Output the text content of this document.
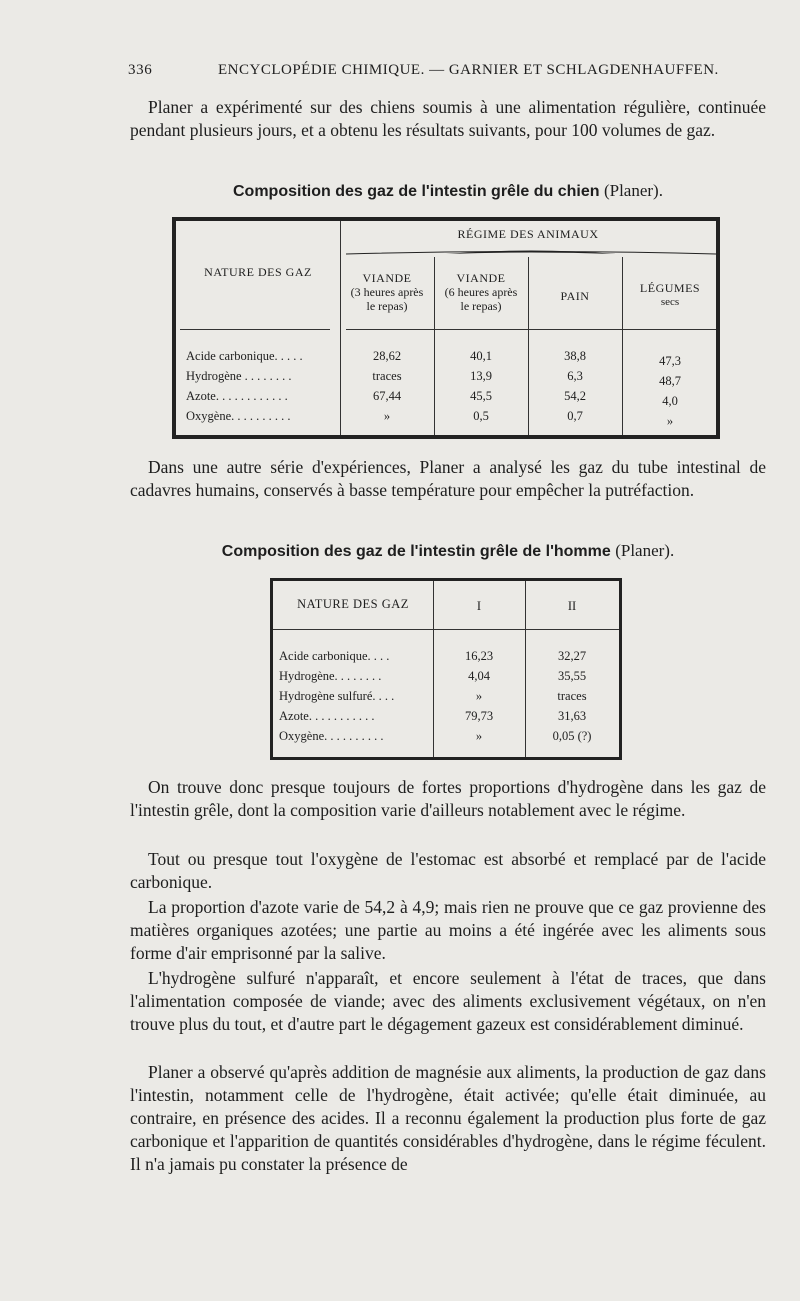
336	ENCYCLOPÉDIE CHIMIQUE. — GARNIER ET SCHLAGDENHAUFFEN.

Planer a expérimenté sur des chiens soumis à une alimentation régulière, continuée pendant plusieurs jours, et a obtenu les résultats suivants, pour 100 volumes de gaz.

Composition des gaz de l'intestin grêle du chien (Planer).
NATURE DES GAZ
RÉGIME DES ANIMAUX
VIANDE
(3 heures après
le repas)
VIANDE
(6 heures après
le repas)
PAIN
LÉGUMES
secs
Acide carbonique. . . . .	28,62	40,1	38,8	47,3
Hydrogène . . . . . . . .	traces	13,9	6,3	48,7
Azote. . . . . . . . . . . .	67,44	45,5	54,2	4,0
Oxygène. . . . . . . . . .	»	0,5	0,7	»

Dans une autre série d'expériences, Planer a analysé les gaz du tube intestinal de cadavres humains, conservés à basse température pour empêcher la putréfaction.

Composition des gaz de l'intestin grêle de l'homme (Planer).
NATURE DES GAZ	I	II
Acide carbonique. . . .	16,23	32,27
Hydrogène. . . . . . . .	4,04	35,55
Hydrogène sulfuré. . . .	»	traces
Azote. . . . . . . . . . .	79,73	31,63
Oxygène. . . . . . . . . .	»	0,05 (?)

On trouve donc presque toujours de fortes proportions d'hydrogène dans les gaz de l'intestin grêle, dont la composition varie d'ailleurs notablement avec le régime.

Tout ou presque tout l'oxygène de l'estomac est absorbé et remplacé par de l'acide carbonique.

La proportion d'azote varie de 54,2 à 4,9; mais rien ne prouve que ce gaz provienne des matières organiques azotées; une partie au moins a été ingérée avec les aliments sous forme d'air emprisonné par la salive.

L'hydrogène sulfuré n'apparaît, et encore seulement à l'état de traces, que dans l'alimentation composée de viande; avec des aliments exclusivement végétaux, on n'en trouve plus du tout, et d'autre part le dégagement gazeux est considérablement diminué.

Planer a observé qu'après addition de magnésie aux aliments, la production de gaz dans l'intestin, notamment celle de l'hydrogène, était activée; qu'elle était diminuée, au contraire, en présence des acides. Il a reconnu également la production plus forte de gaz carbonique et l'apparition de quantités considérables d'hydrogène, dans le régime féculent. Il n'a jamais pu constater la présence de
